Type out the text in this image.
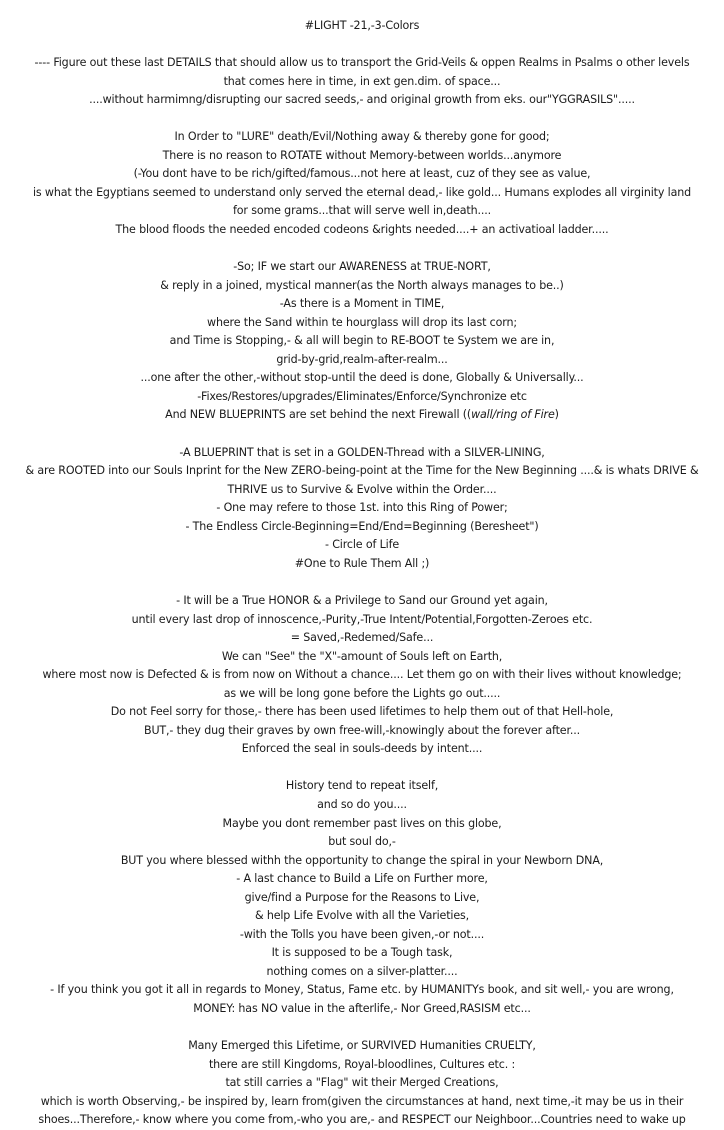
#LIGHT -21,-3-Colors
---- Figure out these last DETAILS that should allow us to transport the Grid-Veils & oppen Realms in Psalms o other levels
that comes here in time, in ext gen.dim. of space...
....without harmimng/disrupting our sacred seeds,- and original growth from eks. our"YGGRASILS".....
In Order to "LURE" death/Evil/Nothing away & thereby gone for good;
There is no reason to ROTATE without Memory-between worlds...anymore
(-You dont have to be rich/gifted/famous...not here at least, cuz of they see as value,
is what the Egyptians seemed to understand only served the eternal dead,- like gold... Humans explodes all virginity land
for some grams...that will serve well in,death....
The blood floods the needed encoded codeons &rights needed....+ an activatioal ladder.....
-So; IF we start our AWARENESS at TRUE-NORT,
& reply in a joined, mystical manner(as the North always manages to be..)
-As there is a Moment in TIME,
where the Sand within te hourglass will drop its last corn;
and Time is Stopping,- & all will begin to RE-BOOT te System we are in,
grid-by-grid,realm-after-realm...
...one after the other,-without stop-until the deed is done, Globally & Universally...
-Fixes/Restores/upgrades/Eliminates/Enforce/Synchronize etc
And NEW BLUEPRINTS are set behind the next Firewall ((wall/ring of Fire)
-A BLUEPRINT that is set in a GOLDEN-Thread with a SILVER-LINING,
& are ROOTED into our Souls Inprint for the New ZERO-being-point at the Time for the New Beginning ....& is whats DRIVE &
THRIVE us to Survive & Evolve within the Order....
- One may refere to those 1st. into this Ring of Power;
- The Endless Circle-Beginning=End/End=Beginning (Beresheet")
- Circle of Life
#One to Rule Them All ;)
- It will be a True HONOR & a Privilege to Sand our Ground yet again,
until every last drop of innoscence,-Purity,-True Intent/Potential,Forgotten-Zeroes etc.
= Saved,-Redemed/Safe...
We can "See" the "X"-amount of Souls left on Earth,
where most now is Defected & is from now on Without a chance.... Let them go on with their lives without knowledge;
as we will be long gone before the Lights go out.....
Do not Feel sorry for those,- there has been used lifetimes to help them out of that Hell-hole,
BUT,- they dug their graves by own free-will,-knowingly about the forever after...
Enforced the seal in souls-deeds by intent....
History tend to repeat itself,
and so do you....
Maybe you dont remember past lives on this globe,
but soul do,-
BUT you where blessed withh the opportunity to change the spiral in your Newborn DNA,
- A last chance to Build a Life on Further more,
give/find a Purpose for the Reasons to Live,
& help Life Evolve with all the Varieties,
-with the Tolls you have been given,-or not....
It is supposed to be a Tough task,
nothing comes on a silver-platter....
- If you think you got it all in regards to Money, Status, Fame etc. by HUMANITYs book, and sit well,- you are wrong,
MONEY: has NO value in the afterlife,- Nor Greed,RASISM etc...
Many Emerged this Lifetime, or SURVIVED Humanities CRUELTY,
there are still Kingdoms, Royal-bloodlines, Cultures etc. :
tat still carries a "Flag" wit their Merged Creations,
which is worth Observing,- be inspired by, learn from(given the circumstances at hand, next time,-it may be us in their
shoes...Therefore,- know where you come from,-who you are,- and RESPECT our Neighboor...Countries need to wake up
